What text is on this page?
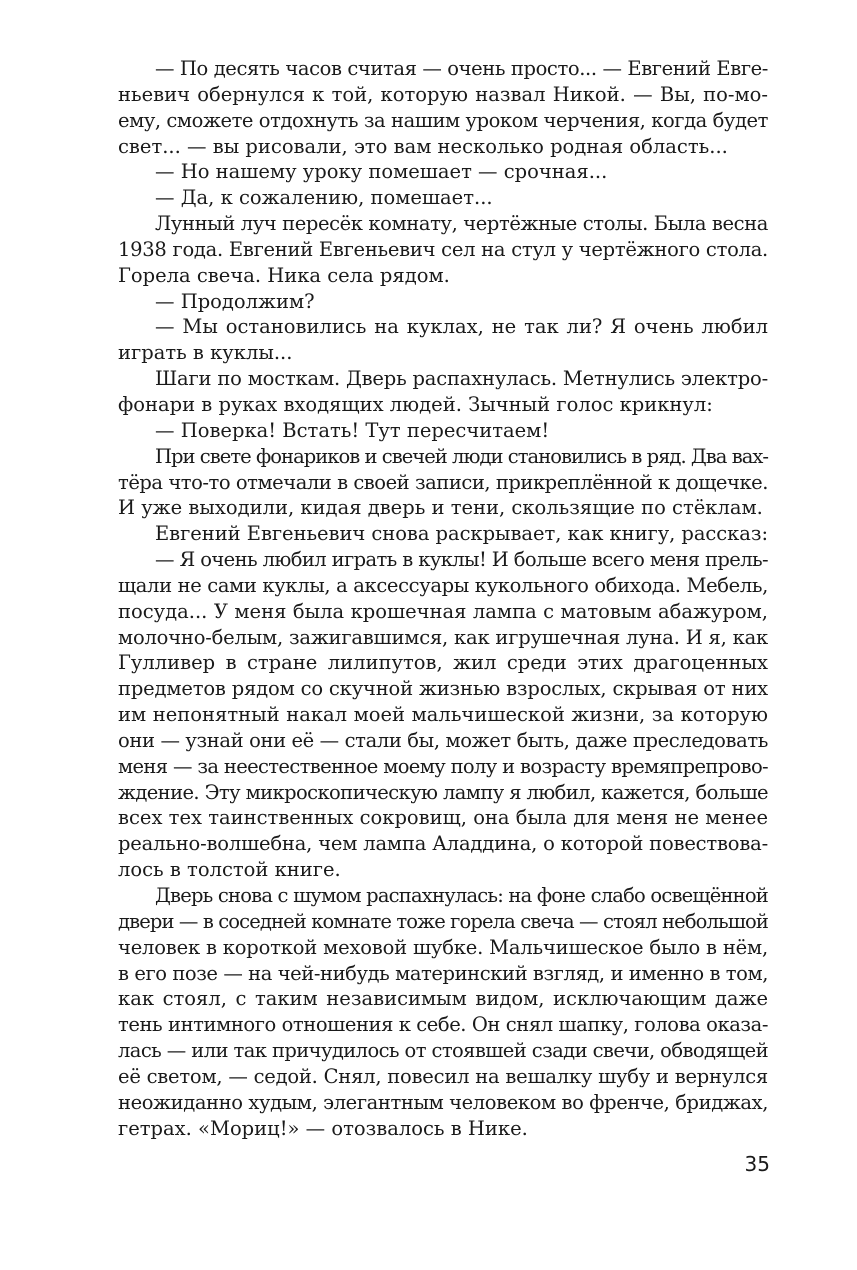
— По десять часов считая — очень просто... — Евгений Евге-
ньевич обернулся к той, которую назвал Никой. — Вы, по-мо-
ему, сможете отдохнуть за нашим уроком черчения, когда будет
свет... — вы рисовали, это вам несколько родная область...
— Но нашему уроку помешает — срочная...
— Да, к сожалению, помешает...
Лунный луч пересёк комнату, чертёжные столы. Была весна
1938 года. Евгений Евгеньевич сел на стул у чертёжного стола.
Горела свеча. Ника села рядом.
— Продолжим?
— Мы остановились на куклах, не так ли? Я очень любил
играть в куклы...
Шаги по мосткам. Дверь распахнулась. Метнулись электро-
фонари в руках входящих людей. Зычный голос крикнул:
— Поверка! Встать! Тут пересчитаем!
При свете фонариков и свечей люди становились в ряд. Два вах-
тёра что-то отмечали в своей записи, прикреплённой к дощечке.
И уже выходили, кидая дверь и тени, скользящие по стёклам.
Евгений Евгеньевич снова раскрывает, как книгу, рассказ:
— Я очень любил играть в куклы! И больше всего меня прель-
щали не сами куклы, а аксессуары кукольного обихода. Мебель,
посуда... У меня была крошечная лампа с матовым абажуром,
молочно-белым, зажигавшимся, как игрушечная луна. И я, как
Гулливер в стране лилипутов, жил среди этих драгоценных
предметов рядом со скучной жизнью взрослых, скрывая от них
им непонятный накал моей мальчишеской жизни, за которую
они — узнай они её — стали бы, может быть, даже преследовать
меня — за неестественное моему полу и возрасту времяпрепрово-
ждение. Эту микроскопическую лампу я любил, кажется, больше
всех тех таинственных сокровищ, она была для меня не менее
реально-волшебна, чем лампа Аладдина, о которой повествова-
лось в толстой книге.
Дверь снова с шумом распахнулась: на фоне слабо освещённой
двери — в соседней комнате тоже горела свеча — стоял небольшой
человек в короткой меховой шубке. Мальчишеское было в нём,
в его позе — на чей-нибудь материнский взгляд, и именно в том,
как стоял, с таким независимым видом, исключающим даже
тень интимного отношения к себе. Он снял шапку, голова оказа-
лась — или так причудилось от стоявшей сзади свечи, обводящей
её светом, — седой. Снял, повесил на вешалку шубу и вернулся
неожиданно худым, элегантным человеком во френче, бриджах,
гетрах. «Мориц!» — отозвалось в Нике.
35
